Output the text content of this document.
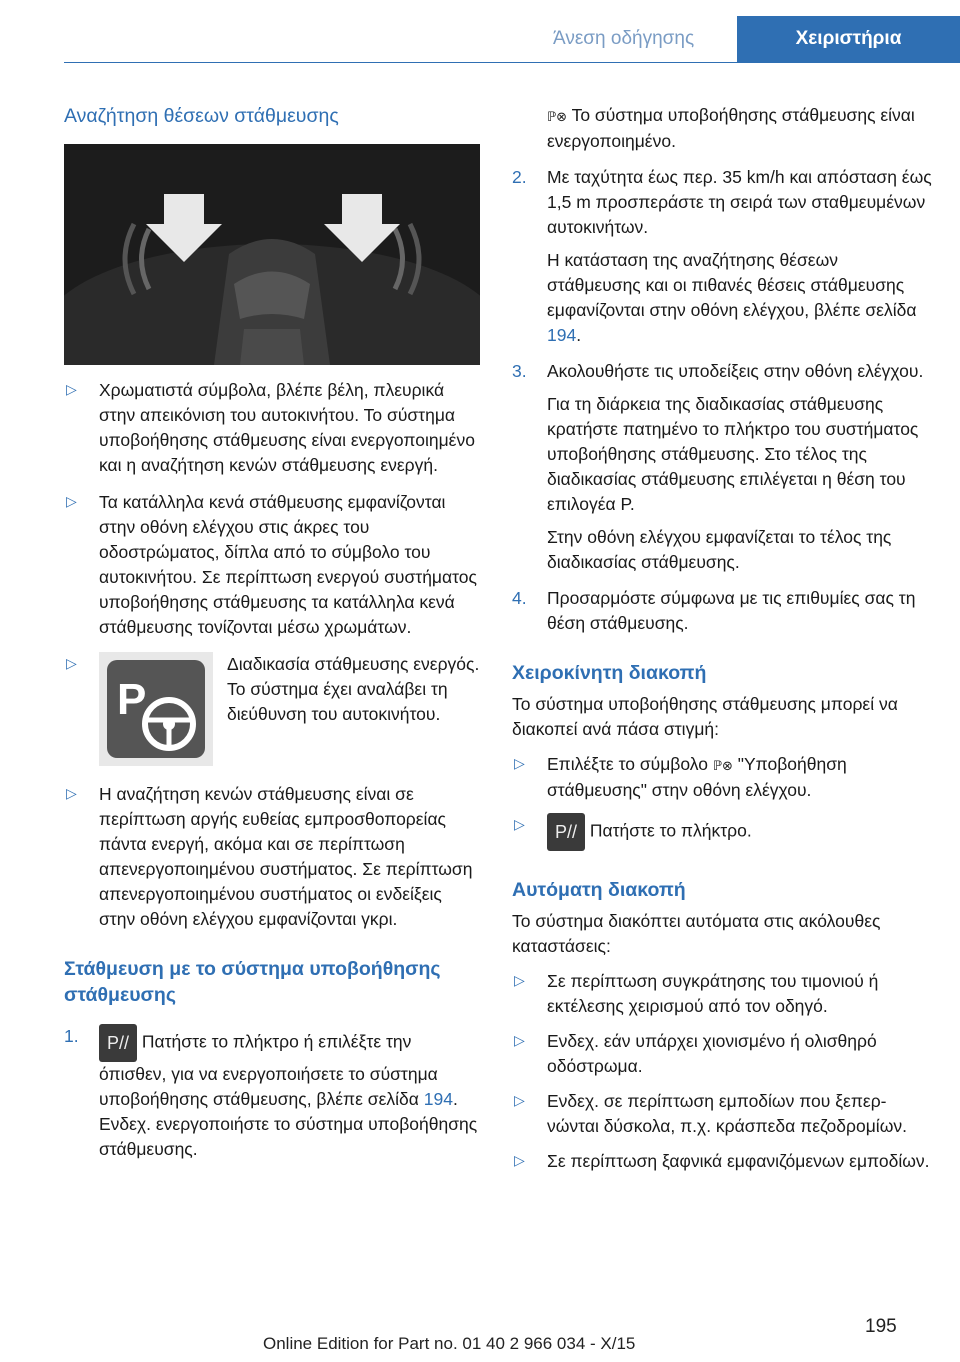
Άνεση οδήγησης	Χειριστήρια
Αναζήτηση θέσεων στάθμευσης
▷ Χρωματιστά σύμβολα, βλέπε βέλη, πλευρικά στην απεικόνιση του αυτοκινήτου. Το σύστημα υποβοήθησης στάθμευσης είναι ενεργοποιημένο και η αναζήτηση κενών στάθμευσης ενεργή.
▷ Τα κατάλληλα κενά στάθμευσης εμφανίζονται στην οθόνη ελέγχου στις άκρες του οδοστρώματος, δίπλα από το σύμβολο του αυτοκινήτου. Σε περίπτωση ενεργού συστήματος υποβοήθησης στάθμευσης τα κατάλληλα κενά στάθμευσης τονίζονται μέσω χρωμάτων.
▷
P
Διαδικασία στάθμευσης ενεργός. Το σύστημα έχει αναλάβει τη διεύθυνση του αυτοκινήτου.
▷ Η αναζήτηση κενών στάθμευσης είναι σε περίπτωση αργής ευθείας εμπροσθοπορείας πάντα ενεργή, ακόμα και σε περίπτωση απενεργοποιημένου συστήματος. Σε περίπτωση απενεργοποιημένου συστήματος οι ενδείξεις στην οθόνη ελέγχου εμφανίζονται γκρι.
Στάθμευση με το σύστημα υποβοήθησης στάθμευσης
1. P// Πατήστε το πλήκτρο ή επιλέξτε την όπισθεν, για να ενεργοποιήσετε το σύστημα υποβοήθησης στάθμευσης, βλέπε σελίδα 194. Ενδεχ. ενεργοποιήστε το σύστημα υποβοήθησης στάθμευσης.
ℙ⊗ Το σύστημα υποβοήθησης στάθμευσης είναι ενεργοποιημένο.
2. Με ταχύτητα έως περ. 35 km/h και απόσταση έως 1,5 m προσπεράστε τη σειρά των σταθμευμένων αυτοκινήτων.
Η κατάσταση της αναζήτησης θέσεων στάθμευσης και οι πιθανές θέσεις στάθμευσης εμφανίζονται στην οθόνη ελέγχου, βλέπε σελίδα 194.
3. Ακολουθήστε τις υποδείξεις στην οθόνη ελέγχου.
Για τη διάρκεια της διαδικασίας στάθμευσης κρατήστε πατημένο το πλήκτρο του συστήματος υποβοήθησης στάθμευσης. Στο τέλος της διαδικασίας στάθμευσης επιλέγεται η θέση του επιλογέα P.
Στην οθόνη ελέγχου εμφανίζεται το τέλος της διαδικασίας στάθμευσης.
4. Προσαρμόστε σύμφωνα με τις επιθυμίες σας τη θέση στάθμευσης.
Χειροκίνητη διακοπή
Το σύστημα υποβοήθησης στάθμευσης μπορεί να διακοπεί ανά πάσα στιγμή:
▷ Επιλέξτε το σύμβολο ℙ⊗ "Υποβοήθηση στάθμευσης" στην οθόνη ελέγχου.
▷ P// Πατήστε το πλήκτρο.
Αυτόματη διακοπή
Το σύστημα διακόπτει αυτόματα στις ακόλουθες καταστάσεις:
▷ Σε περίπτωση συγκράτησης του τιμονιού ή εκτέλεσης χειρισμού από τον οδηγό.
▷ Ενδεχ. εάν υπάρχει χιονισμένο ή ολισθηρό οδόστρωμα.
▷ Ενδεχ. σε περίπτωση εμποδίων που ξεπερνώνται δύσκολα, π.χ. κράσπεδα πεζοδρομίων.
▷ Σε περίπτωση ξαφνικά εμφανιζόμενων εμποδίων.
195
Online Edition for Part no. 01 40 2 966 034 - X/15
